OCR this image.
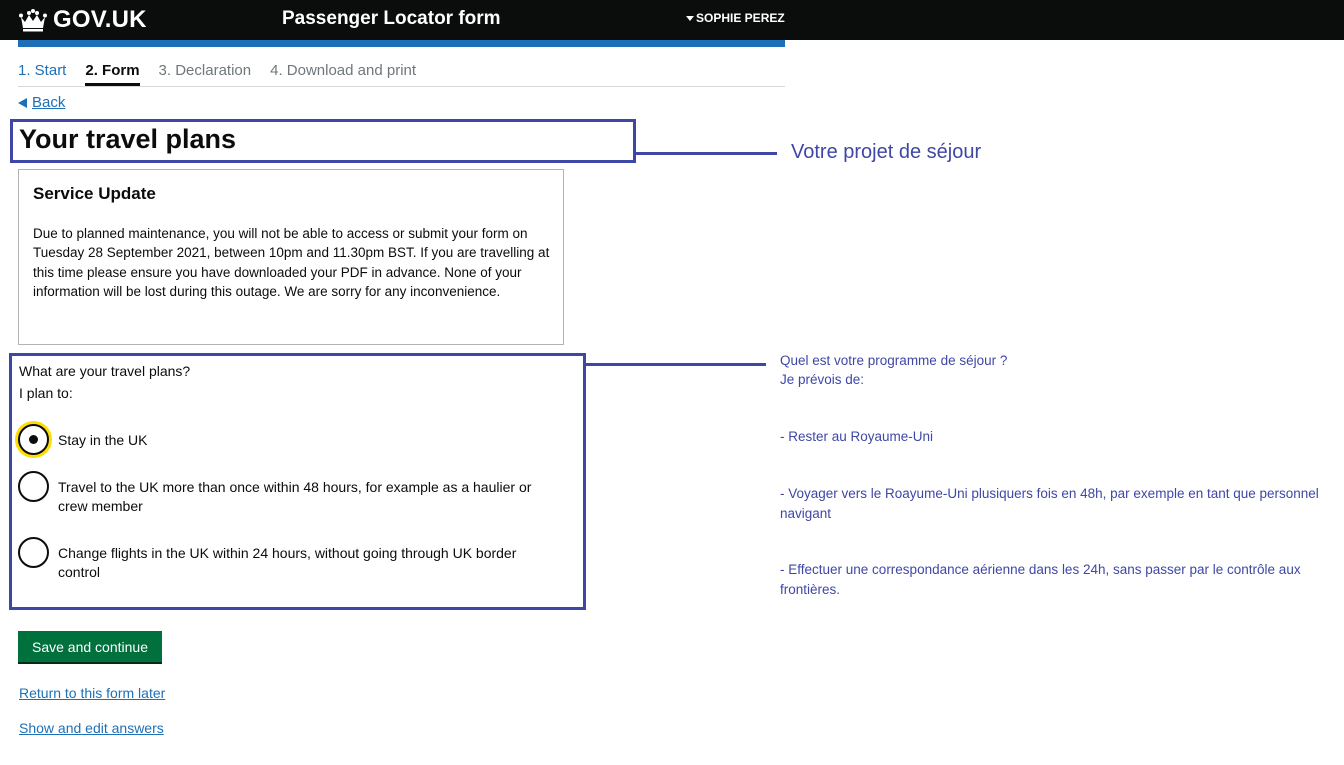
GOV.UK	Passenger Locator form	SOPHIE PEREZ
1. Start 2. Form 3. Declaration 4. Download and print
Back
Your travel plans
Service Update
Due to planned maintenance, you will not be able to access or submit your form on Tuesday 28 September 2021, between 10pm and 11.30pm BST. If you are travelling at this time please ensure you have downloaded your PDF in advance. None of your information will be lost during this outage. We are sorry for any inconvenience.
What are your travel plans?
I plan to:
Stay in the UK
Travel to the UK more than once within 48 hours, for example as a haulier or crew member
Change flights in the UK within 24 hours, without going through UK border control
Save and continue
Return to this form later
Show and edit answers
Votre projet de séjour
Quel est votre programme de séjour ?
Je prévois de:
- Rester au Royaume-Uni
- Voyager vers le Roayume-Uni plusiquers fois en 48h, par exemple en tant que personnel navigant
- Effectuer une correspondance aérienne dans les 24h, sans passer par le contrôle aux frontières.
